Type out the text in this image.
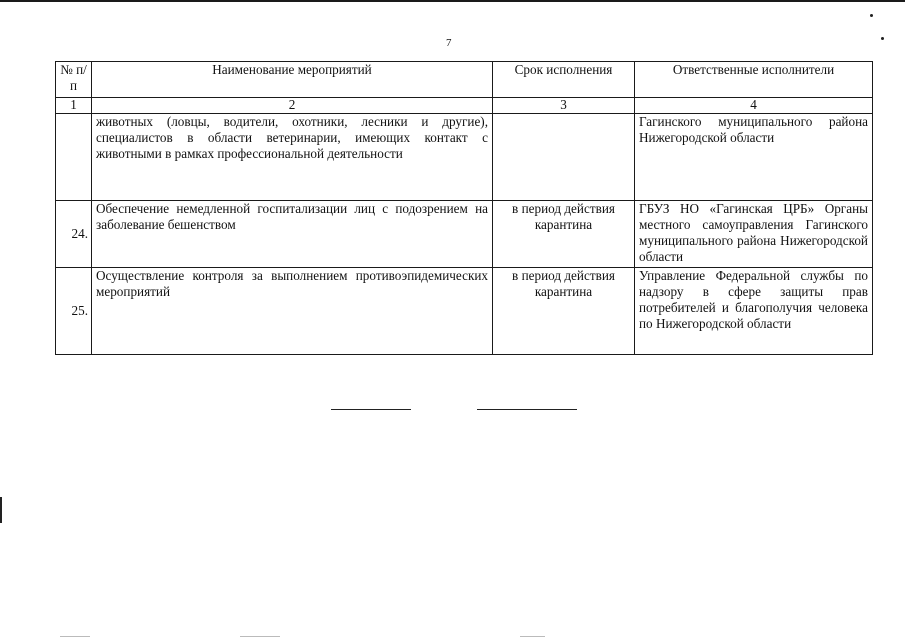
7
№ п/п	Наименование мероприятий	Срок исполнения	Ответственные исполнители
1	2	3	4
	животных (ловцы, водители, охотники, лесники и другие), специалистов в области ветеринарии, имеющих контакт с животными в рамках профессиональной деятельности		Гагинского муниципального района Нижегородской области
24.	Обеспечение немедленной госпитализации лиц с подозрением на заболевание бешенством	в период действия карантина	ГБУЗ НО «Гагинская ЦРБ» Органы местного самоуправления Гагинского муниципального района Нижегородской области
25.	Осуществление контроля за выполнением противоэпидемических мероприятий	в период действия карантина	Управление Федеральной службы по надзору в сфере защиты прав потребителей и благополучия человека по Нижегородской области
